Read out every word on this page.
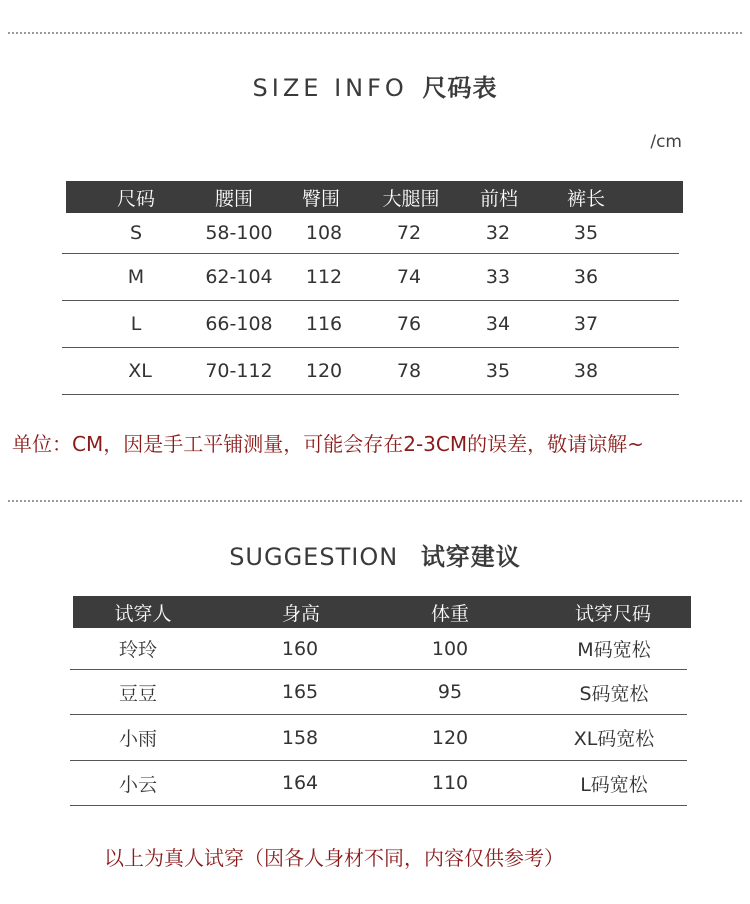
SIZE INFO 尺码表
/cm
尺码	腰围	臀围	大腿围	前档	裤长
S	58-100	108	72	32	35
M	62-104	112	74	33	36
L	66-108	116	76	34	37
XL	70-112	120	78	35	38
单位：CM，因是手工平铺测量，可能会存在2-3CM的误差，敬请谅解~
SUGGESTION 试穿建议
试穿人	身高	体重	试穿尺码
玲玲	160	100	M码宽松
豆豆	165	95	S码宽松
小雨	158	120	XL码宽松
小云	164	110	L码宽松
以上为真人试穿（因各人身材不同，内容仅供参考）
